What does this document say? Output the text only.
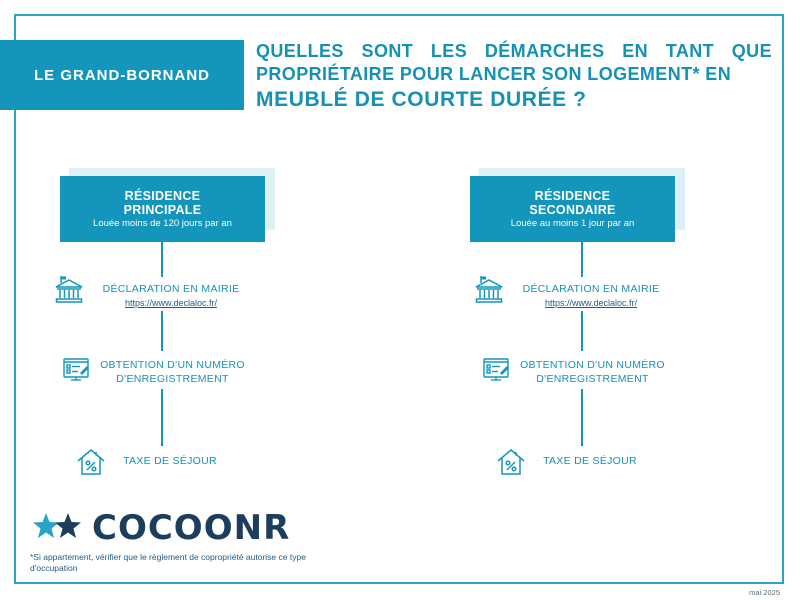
LE GRAND-BORNAND
QUELLES SONT LES DÉMARCHES EN TANT QUE PROPRIÉTAIRE POUR LANCER SON LOGEMENT* EN
MEUBLÉ DE COURTE DURÉE ?
RÉSIDENCE
PRINCIPALE
Louée moins de 120 jours par an
DÉCLARATION EN MAIRIE
https://www.declaloc.fr/
OBTENTION D'UN NUMÉRO
D'ENREGISTREMENT
TAXE DE SÉJOUR
RÉSIDENCE
SECONDAIRE
Louée au moins 1 jour par an
DÉCLARATION EN MAIRIE
https://www.declaloc.fr/
OBTENTION D'UN NUMÉRO
D'ENREGISTREMENT
TAXE DE SÉJOUR
COCOONR
*Si appartement, vérifier que le règlement de copropriété autorise ce type d'occupation
mai 2025
